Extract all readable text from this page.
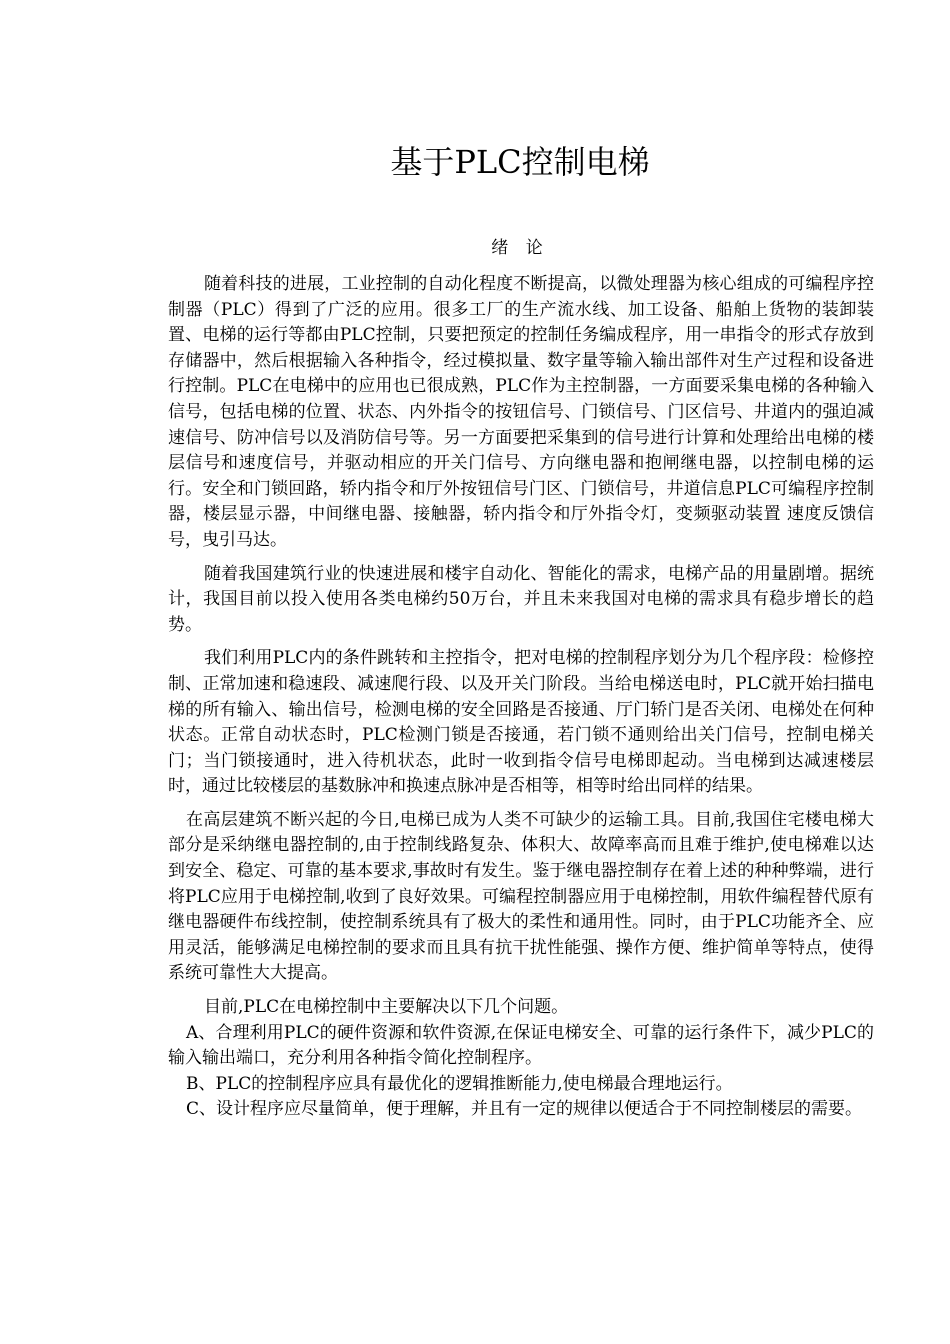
基于PLC控制电梯
绪 论

随着科技的进展，工业控制的自动化程度不断提高，以微处理器为核心组成的可编程序控制器（PLC）得到了广泛的应用。很多工厂的生产流水线、加工设备、船舶上货物的装卸装置、电梯的运行等都由PLC控制，只要把预定的控制任务编成程序，用一串指令的形式存放到存储器中，然后根据输入各种指令，经过模拟量、数字量等输入输出部件对生产过程和设备进行控制。PLC在电梯中的应用也已很成熟，PLC作为主控制器，一方面要采集电梯的各种输入信号，包括电梯的位置、状态、内外指令的按钮信号、门锁信号、门区信号、井道内的强迫减速信号、防冲信号以及消防信号等。另一方面要把采集到的信号进行计算和处理给出电梯的楼层信号和速度信号，并驱动相应的开关门信号、方向继电器和抱闸继电器，以控制电梯的运行。安全和门锁回路，轿内指令和厅外按钮信号门区、门锁信号，井道信息PLC可编程序控制器，楼层显示器，中间继电器、接触器，轿内指令和厅外指令灯，变频驱动装置 速度反馈信号，曳引马达。

随着我国建筑行业的快速进展和楼宇自动化、智能化的需求，电梯产品的用量剧增。据统计，我国目前以投入使用各类电梯约50万台，并且未来我国对电梯的需求具有稳步增长的趋势。

我们利用PLC内的条件跳转和主控指令，把对电梯的控制程序划分为几个程序段：检修控制、正常加速和稳速段、减速爬行段、以及开关门阶段。当给电梯送电时，PLC就开始扫描电梯的所有输入、输出信号，检测电梯的安全回路是否接通、厅门轿门是否关闭、电梯处在何种状态。正常自动状态时，PLC检测门锁是否接通，若门锁不通则给出关门信号，控制电梯关门；当门锁接通时，进入待机状态，此时一收到指令信号电梯即起动。当电梯到达减速楼层时，通过比较楼层的基数脉冲和换速点脉冲是否相等，相等时给出同样的结果。

在高层建筑不断兴起的今日,电梯已成为人类不可缺少的运输工具。目前,我国住宅楼电梯大部分是采纳继电器控制的,由于控制线路复杂、体积大、故障率高而且难于维护,使电梯难以达到安全、稳定、可靠的基本要求,事故时有发生。鉴于继电器控制存在着上述的种种弊端，进行将PLC应用于电梯控制,收到了良好效果。可编程控制器应用于电梯控制，用软件编程替代原有继电器硬件布线控制，使控制系统具有了极大的柔性和通用性。同时，由于PLC功能齐全、应用灵活，能够满足电梯控制的要求而且具有抗干扰性能强、操作方便、维护简单等特点，使得系统可靠性大大提高。

目前,PLC在电梯控制中主要解决以下几个问题。

A、合理利用PLC的硬件资源和软件资源,在保证电梯安全、可靠的运行条件下，减少PLC的输入输出端口，充分利用各种指令简化控制程序。

B、PLC的控制程序应具有最优化的逻辑推断能力,使电梯最合理地运行。

C、设计程序应尽量简单，便于理解，并且有一定的规律以便适合于不同控制楼层的需要。
